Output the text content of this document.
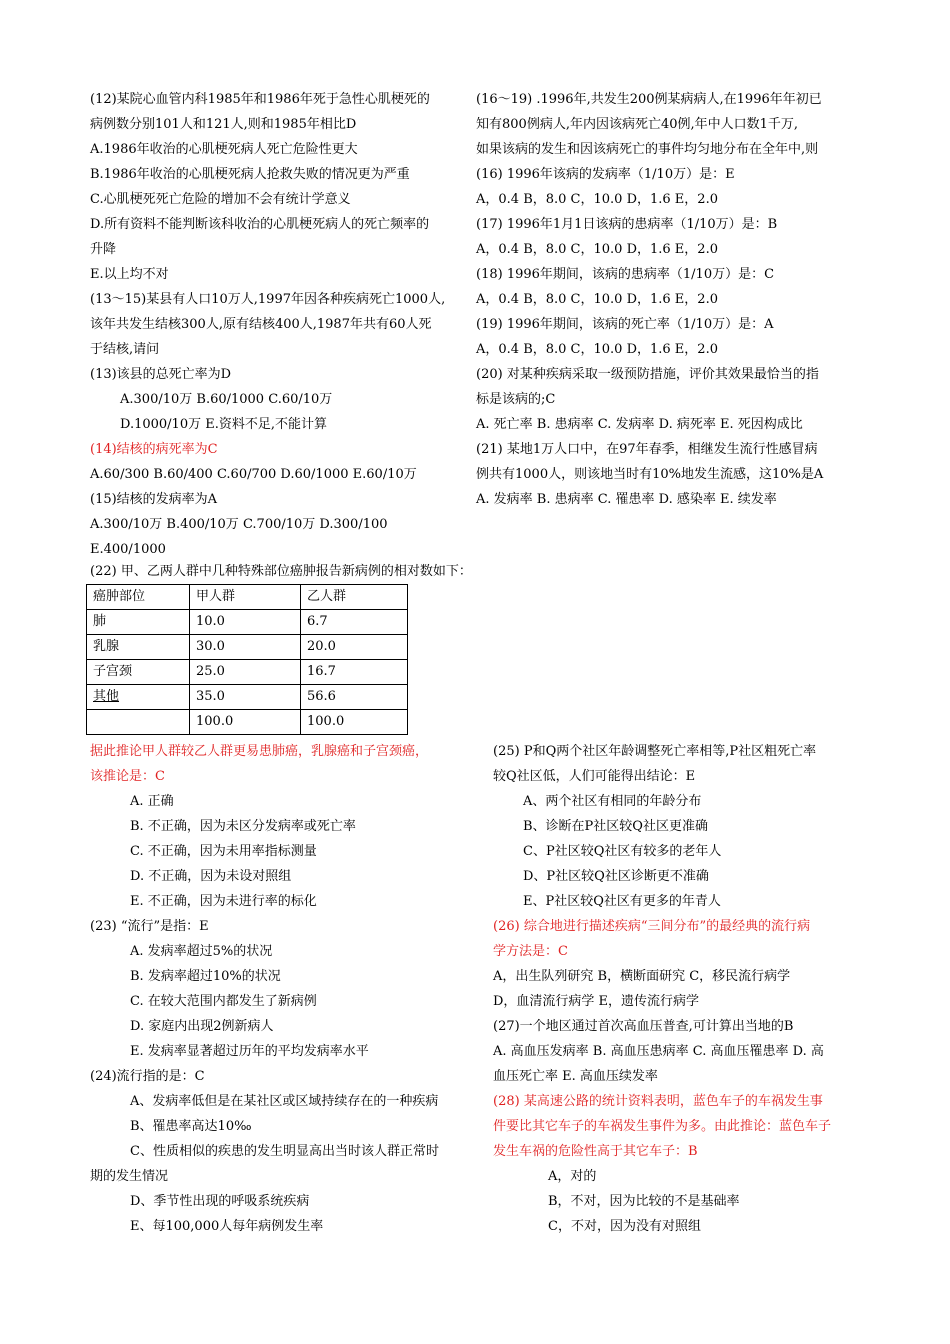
(12)某院心血管内科1985年和1986年死于急性心肌梗死的
病例数分别101人和121人,则和1985年相比D
A.1986年收治的心肌梗死病人死亡危险性更大
B.1986年收治的心肌梗死病人抢救失败的情况更为严重
C.心肌梗死死亡危险的增加不会有统计学意义
D.所有资料不能判断该科收治的心肌梗死病人的死亡频率的
升降
E.以上均不对
(13～15)某县有人口10万人,1997年因各种疾病死亡1000人,
该年共发生结核300人,原有结核400人,1987年共有60人死
于结核,请问
(13)该县的总死亡率为D
A.300/10万 B.60/1000 C.60/10万
D.1000/10万 E.资料不足,不能计算
(14)结核的病死率为C
A.60/300 B.60/400 C.60/700 D.60/1000 E.60/10万
(15)结核的发病率为A
A.300/10万 B.400/10万 C.700/10万 D.300/100
E.400/1000
(16～19) .1996年,共发生200例某病病人,在1996年年初已
知有800例病人,年内因该病死亡40例,年中人口数1千万,
如果该病的发生和因该病死亡的事件均匀地分布在全年中,则
(16) 1996年该病的发病率（1/10万）是：E
A，0.4 B，8.0 C，10.0 D，1.6 E，2.0
(17) 1996年1月1日该病的患病率（1/10万）是：B
A，0.4 B，8.0 C，10.0 D，1.6 E，2.0
(18) 1996年期间，该病的患病率（1/10万）是：C
A，0.4 B，8.0 C，10.0 D，1.6 E，2.0
(19) 1996年期间，该病的死亡率（1/10万）是：A
A，0.4 B，8.0 C，10.0 D，1.6 E，2.0
(20) 对某种疾病采取一级预防措施，评价其效果最恰当的指
标是该病的;C
A. 死亡率 B. 患病率 C. 发病率 D. 病死率 E. 死因构成比
(21) 某地1万人口中，在97年春季，相继发生流行性感冒病
例共有1000人，则该地当时有10%地发生流感，这10%是A
A. 发病率 B. 患病率 C. 罹患率 D. 感染率 E. 续发率
(22) 甲、乙两人群中几种特殊部位癌肿报告新病例的相对数如下：
癌肿部位	甲人群	乙人群
肺	10.0	6.7
乳腺	30.0	20.0
子宫颈	25.0	16.7
其他	35.0	56.6
	100.0	100.0
据此推论甲人群较乙人群更易患肺癌，乳腺癌和子宫颈癌，
该推论是：C
A. 正确
B. 不正确，因为未区分发病率或死亡率
C. 不正确，因为未用率指标测量
D. 不正确，因为未设对照组
E. 不正确，因为未进行率的标化
(23) “流行”是指：E
A. 发病率超过5%的状况
B. 发病率超过10%的状况
C. 在较大范围内都发生了新病例
D. 家庭内出现2例新病人
E. 发病率显著超过历年的平均发病率水平
(24)流行指的是：C
A、发病率低但是在某社区或区域持续存在的一种疾病
B、罹患率高达10‰
C、性质相似的疾患的发生明显高出当时该人群正常时
期的发生情况
D、季节性出现的呼吸系统疾病
E、每100,000人每年病例发生率
(25) P和Q两个社区年龄调整死亡率相等,P社区粗死亡率
较Q社区低，人们可能得出结论：E
A、两个社区有相同的年龄分布
B、诊断在P社区较Q社区更准确
C、P社区较Q社区有较多的老年人
D、P社区较Q社区诊断更不准确
E、P社区较Q社区有更多的年青人
(26) 综合地进行描述疾病“三间分布”的最经典的流行病
学方法是：C
A，出生队列研究 B，横断面研究 C，移民流行病学
D，血清流行病学 E，遗传流行病学
(27)一个地区通过首次高血压普查,可计算出当地的B
A. 高血压发病率 B. 高血压患病率 C. 高血压罹患率 D. 高
血压死亡率 E. 高血压续发率
(28) 某高速公路的统计资料表明，蓝色车子的车祸发生事
件要比其它车子的车祸发生事件为多。由此推论：蓝色车子
发生车祸的危险性高于其它车子：B
A，对的
B，不对，因为比较的不是基础率
C，不对，因为没有对照组
